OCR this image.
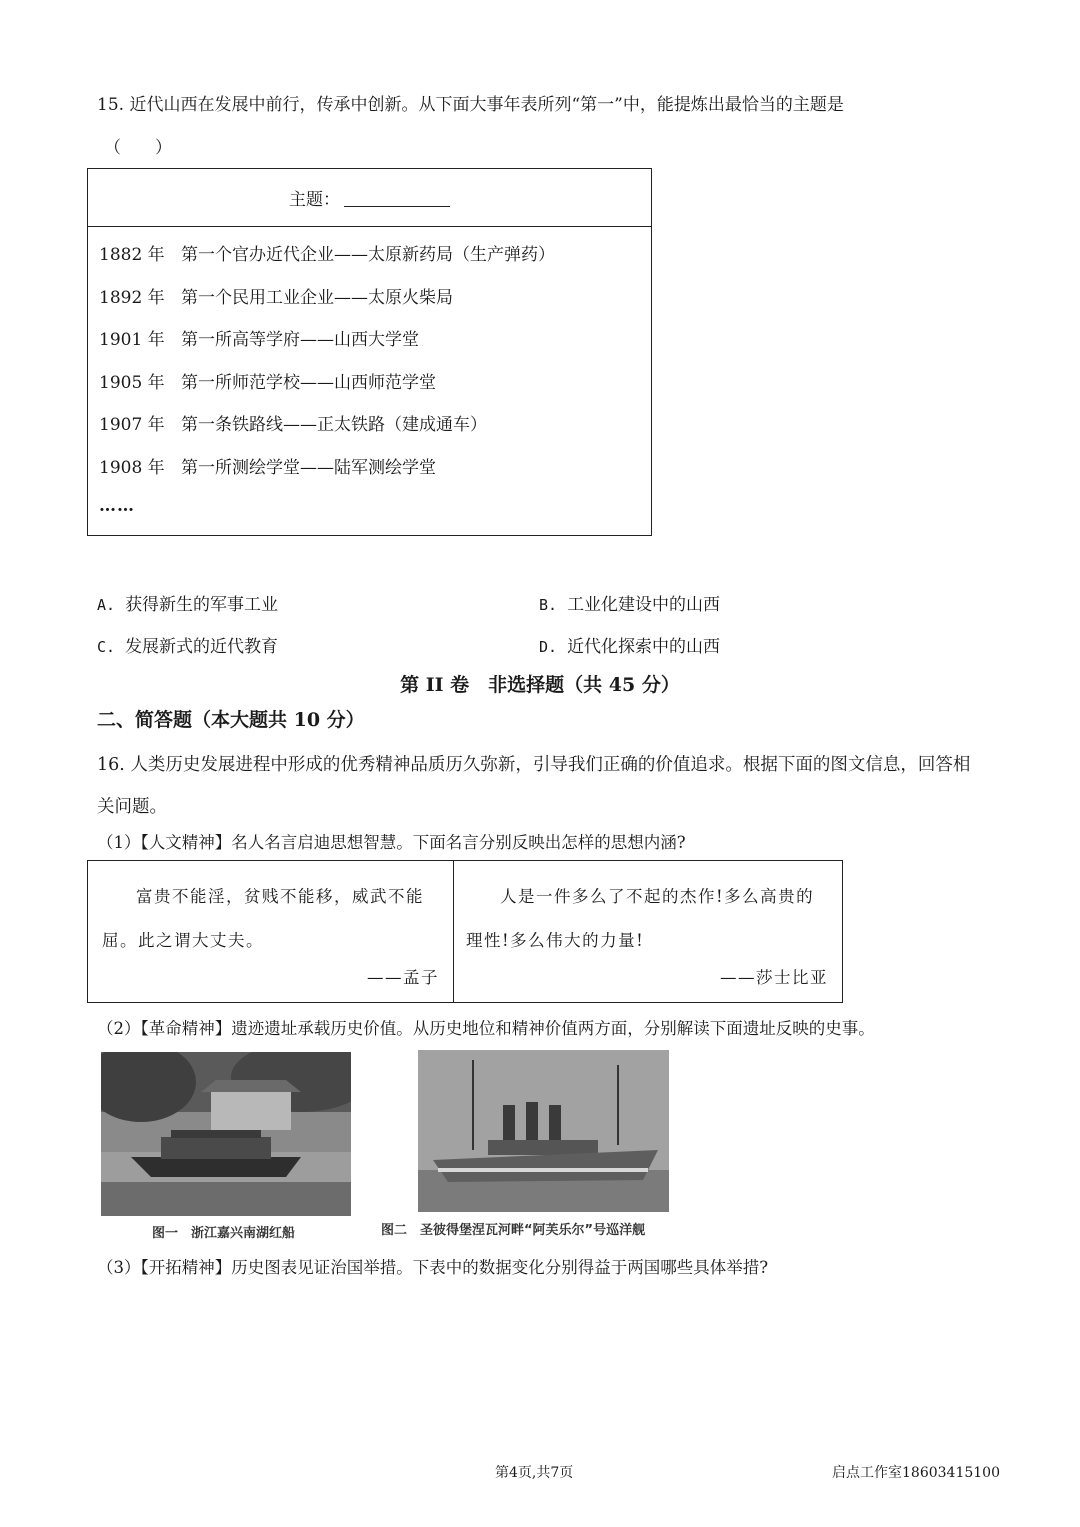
15. 近代山西在发展中前行，传承中创新。从下面大事年表所列“第一”中，能提炼出最恰当的主题是
（　　）
主题：
1882 年 第一个官办近代企业——太原新药局（生产弹药）
1892 年 第一个民用工业企业——太原火柴局
1901 年 第一所高等学府——山西大学堂
1905 年 第一所师范学校——山西师范学堂
1907 年 第一条铁路线——正太铁路（建成通车）
1908 年 第一所测绘学堂——陆军测绘学堂
……
A. 获得新生的军事工业	B. 工业化建设中的山西
C. 发展新式的近代教育	D. 近代化探索中的山西
第 II 卷　非选择题（共 45 分）
二、简答题（本大题共 10 分）
16. 人类历史发展进程中形成的优秀精神品质历久弥新，引导我们正确的价值追求。根据下面的图文信息，回答相关问题。
（1）【人文精神】名人名言启迪思想智慧。下面名言分别反映出怎样的思想内涵?
富贵不能淫，贫贱不能移，威武不能屈。此之谓大丈夫。
——孟子
人是一件多么了不起的杰作!多么高贵的理性!多么伟大的力量!
——莎士比亚
（2）【革命精神】遗迹遗址承载历史价值。从历史地位和精神价值两方面，分别解读下面遗址反映的史事。
图一　浙江嘉兴南湖红船	图二　圣彼得堡涅瓦河畔“阿芙乐尔”号巡洋舰
（3）【开拓精神】历史图表见证治国举措。下表中的数据变化分别得益于两国哪些具体举措?
第4页,共7页	启点工作室18603415100
